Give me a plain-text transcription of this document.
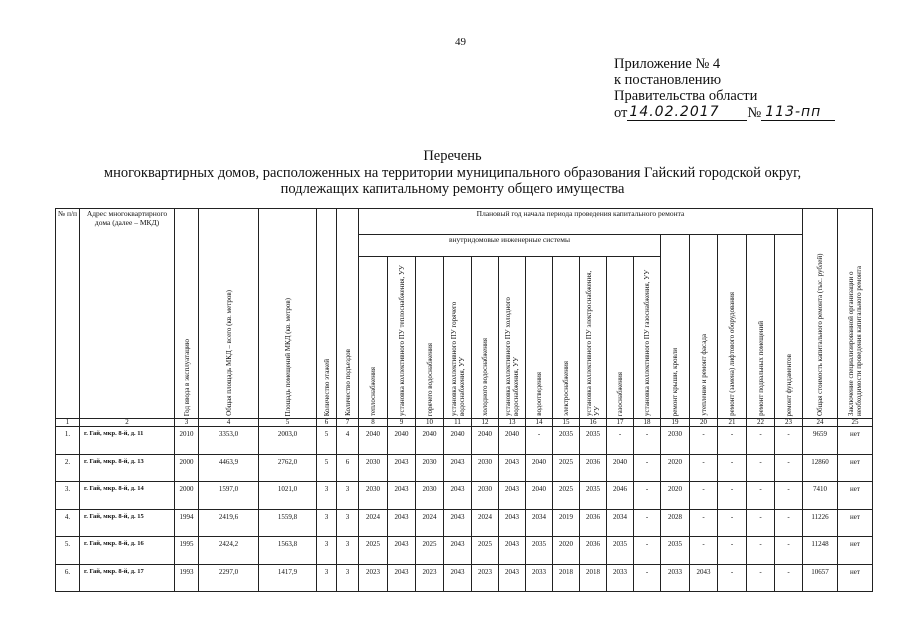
49
Приложение № 4
к постановлению
Правительства области
от 14.02.2017	№ 113-пп
Перечень
многоквартирных домов, расположенных на территории муниципального образования Гайский городской округ,
подлежащих капитальному ремонту общего имущества
№ п/п	Адрес многоквартирного дома (далее – МКД)	Год ввода в эксплуатацию	Общая площадь МКД – всего (кв. метров)	Площадь помещений МКД (кв. метров)	Количество этажей	Количество подъездов	Плановый год начала периода проведения капитального ремонта																Общая стоимость капитального ремонта (тыс. рублей)	Заключение специализированной организации о необходимости проведения капитального ремонта

							внутридомовые инженерные системы											ремонт крыши, кровли	утепление и ремонт фасада	ремонт (замена) лифтового оборудования	ремонт подвальных помещений	ремонт фундаментов		

							теплоснабжения	установка коллективного ПУ теплоснабжения, УУ	горячего водоснабжения	установка коллективного ПУ горячего водоснабжения, УУ	холодного водоснабжения	установка коллективного ПУ холодного водоснабжения, УУ	водоотведения	электроснабжения	установка коллективного ПУ электроснабжения, УУ	газоснабжения	установка коллективного ПУ газоснабжения, УУ							

1	2	3	4	5	6	7	8	9	10	11	12	13	14	15	16	17	18	19	20	21	22	23	24	25
1.	г. Гай, мкр. 8-й, д. 11	2010	3353,0	2003,0	5	4	2040	2040	2040	2040	2040	2040	-	2035	2035	-	-	2030	-	-	-	-	9659	нет
2.	г. Гай, мкр. 8-й, д. 13	2000	4463,9	2762,0	5	6	2030	2043	2030	2043	2030	2043	2040	2025	2036	2040	-	2020	-	-	-	-	12860	нет
3.	г. Гай, мкр. 8-й, д. 14	2000	1597,0	1021,0	3	3	2030	2043	2030	2043	2030	2043	2040	2025	2035	2046	-	2020	-	-	-	-	7410	нет
4.	г. Гай, мкр. 8-й, д. 15	1994	2419,6	1559,8	3	3	2024	2043	2024	2043	2024	2043	2034	2019	2036	2034	-	2028	-	-	-	-	11226	нет
5.	г. Гай, мкр. 8-й, д. 16	1995	2424,2	1563,8	3	3	2025	2043	2025	2043	2025	2043	2035	2020	2036	2035	-	2035	-	-	-	-	11248	нет
6.	г. Гай, мкр. 8-й, д. 17	1993	2297,0	1417,9	3	3	2023	2043	2023	2043	2023	2043	2033	2018	2018	2033	-	2033	2043	-	-	-	10657	нет
